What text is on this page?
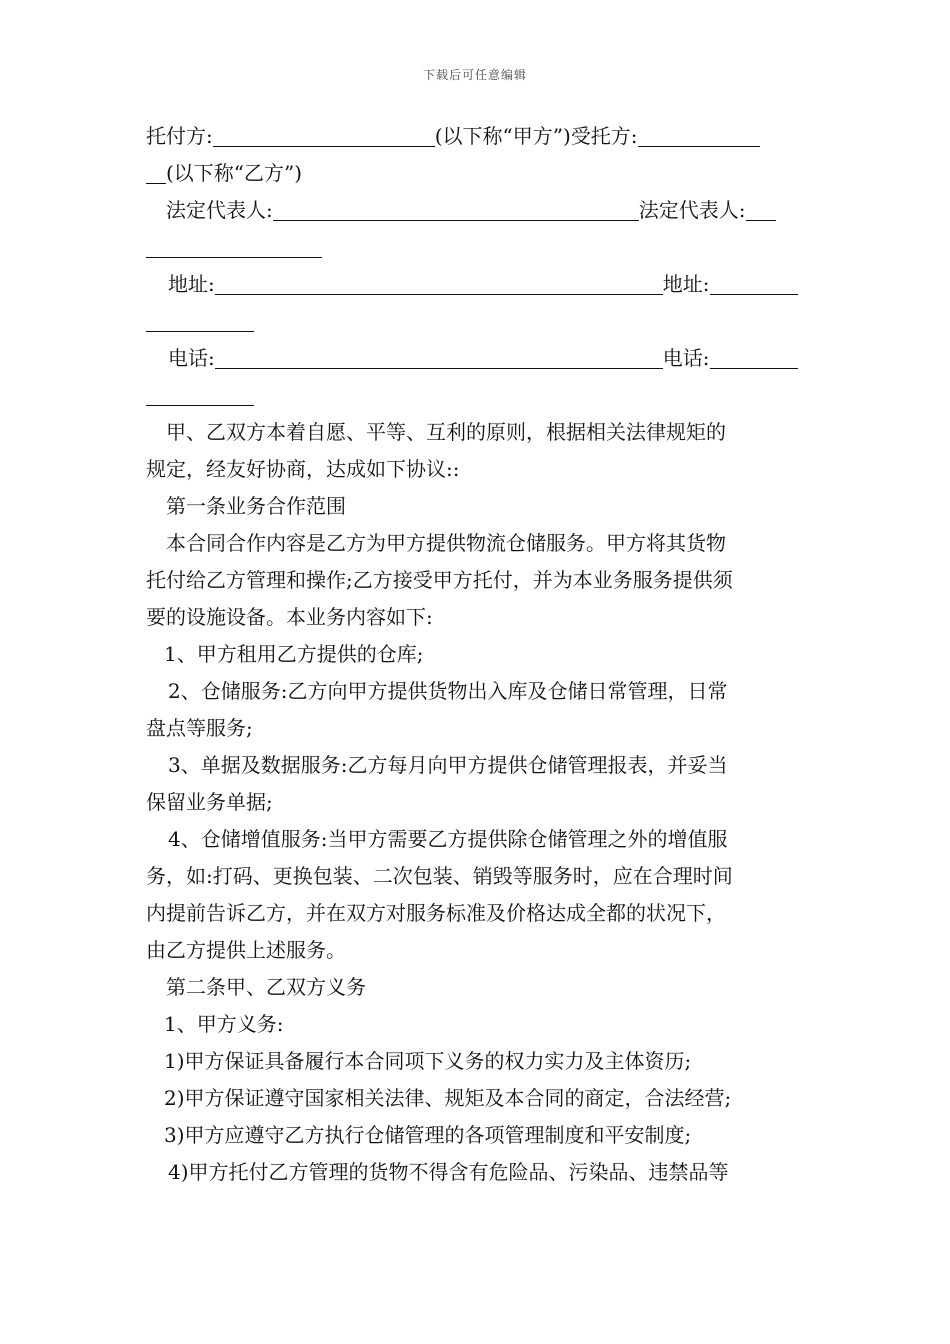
下载后可任意编辑
托付方:	(以下称“甲方”)受托方:
(以下称“乙方”)
法定代表人:	法定代表人:
地址:	地址:
电话:	电话:
甲、乙双方本着自愿、平等、互利的原则，根据相关法律规矩的
规定，经友好协商，达成如下协议::
第一条业务合作范围
本合同合作内容是乙方为甲方提供物流仓储服务。甲方将其货物
托付给乙方管理和操作;乙方接受甲方托付，并为本业务服务提供须
要的设施设备。本业务内容如下:
1、甲方租用乙方提供的仓库;
2、仓储服务:乙方向甲方提供货物出入库及仓储日常管理，日常
盘点等服务;
3、单据及数据服务:乙方每月向甲方提供仓储管理报表，并妥当
保留业务单据;
4、仓储增值服务:当甲方需要乙方提供除仓储管理之外的增值服
务，如:打码、更换包装、二次包装、销毁等服务时，应在合理时间
内提前告诉乙方，并在双方对服务标准及价格达成全都的状况下，
由乙方提供上述服务。
第二条甲、乙双方义务
1、甲方义务:
1)甲方保证具备履行本合同项下义务的权力实力及主体资历;
2)甲方保证遵守国家相关法律、规矩及本合同的商定，合法经营;
3)甲方应遵守乙方执行仓储管理的各项管理制度和平安制度;
4)甲方托付乙方管理的货物不得含有危险品、污染品、违禁品等
